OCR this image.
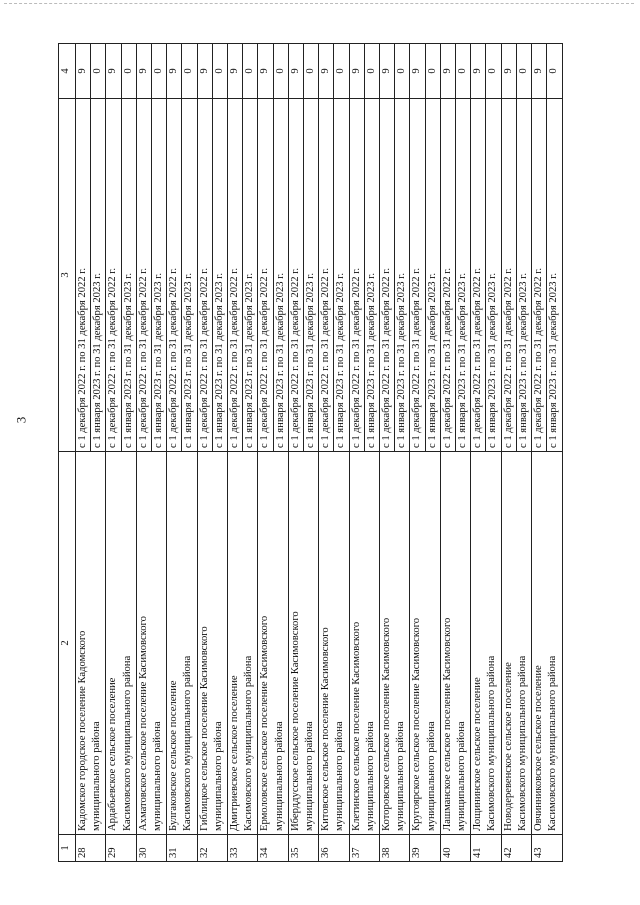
3
1	2	3	4
28	Кадомское городское поселение Кадомского муниципального района	с 1 декабря 2022 г. по 31 декабря 2022 г.	9
		с 1 января 2023 г. по 31 декабря 2023 г.	0
29	Ардабьевское сельское поселение Касимовского муниципального района	с 1 декабря 2022 г. по 31 декабря 2022 г.	9
		с 1 января 2023 г. по 31 декабря 2023 г.	0
30	Ахматовское сельское поселение Касимовского муниципального района	с 1 декабря 2022 г. по 31 декабря 2022 г.	9
		с 1 января 2023 г. по 31 декабря 2023 г.	0
31	Булгаковское сельское поселение Касимовского муниципального района	с 1 декабря 2022 г. по 31 декабря 2022 г.	9
		с 1 января 2023 г. по 31 декабря 2023 г.	0
32	Гиблицкое сельское поселение Касимовского муниципального района	с 1 декабря 2022 г. по 31 декабря 2022 г.	9
		с 1 января 2023 г. по 31 декабря 2023 г.	0
33	Дмитриевское сельское поселение Касимовского муниципального района	с 1 декабря 2022 г. по 31 декабря 2022 г.	9
		с 1 января 2023 г. по 31 декабря 2023 г.	0
34	Ермоловское сельское поселение Касимовского муниципального района	с 1 декабря 2022 г. по 31 декабря 2022 г.	9
		с 1 января 2023 г. по 31 декабря 2023 г.	0
35	Иберддусское сельское поселение Касимовского муниципального района	с 1 декабря 2022 г. по 31 декабря 2022 г.	9
		с 1 января 2023 г. по 31 декабря 2023 г.	0
36	Китовское сельское поселение Касимовского муниципального района	с 1 декабря 2022 г. по 31 декабря 2022 г.	9
		с 1 января 2023 г. по 31 декабря 2023 г.	0
37	Клетинское сельское поселение Касимовского муниципального района	с 1 декабря 2022 г. по 31 декабря 2022 г.	9
		с 1 января 2023 г. по 31 декабря 2023 г.	0
38	Которовское сельское поселение Касимовского муниципального района	с 1 декабря 2022 г. по 31 декабря 2022 г.	9
		с 1 января 2023 г. по 31 декабря 2023 г.	0
39	Кругоярское сельское поселение Касимовского муниципального района	с 1 декабря 2022 г. по 31 декабря 2022 г.	9
		с 1 января 2023 г. по 31 декабря 2023 г.	0
40	Лашманское сельское поселение Касимовского муниципального района	с 1 декабря 2022 г. по 31 декабря 2022 г.	9
		с 1 января 2023 г. по 31 декабря 2023 г.	0
41	Лощининское сельское поселение Касимовского муниципального района	с 1 декабря 2022 г. по 31 декабря 2022 г.	9
		с 1 января 2023 г. по 31 декабря 2023 г.	0
42	Новодеревенское сельское поселение Касимовского муниципального района	с 1 декабря 2022 г. по 31 декабря 2022 г.	9
		с 1 января 2023 г. по 31 декабря 2023 г.	0
43	Овчинниковское сельское поселение Касимовского муниципального района	с 1 декабря 2022 г. по 31 декабря 2022 г.	9
		с 1 января 2023 г. по 31 декабря 2023 г.	0
